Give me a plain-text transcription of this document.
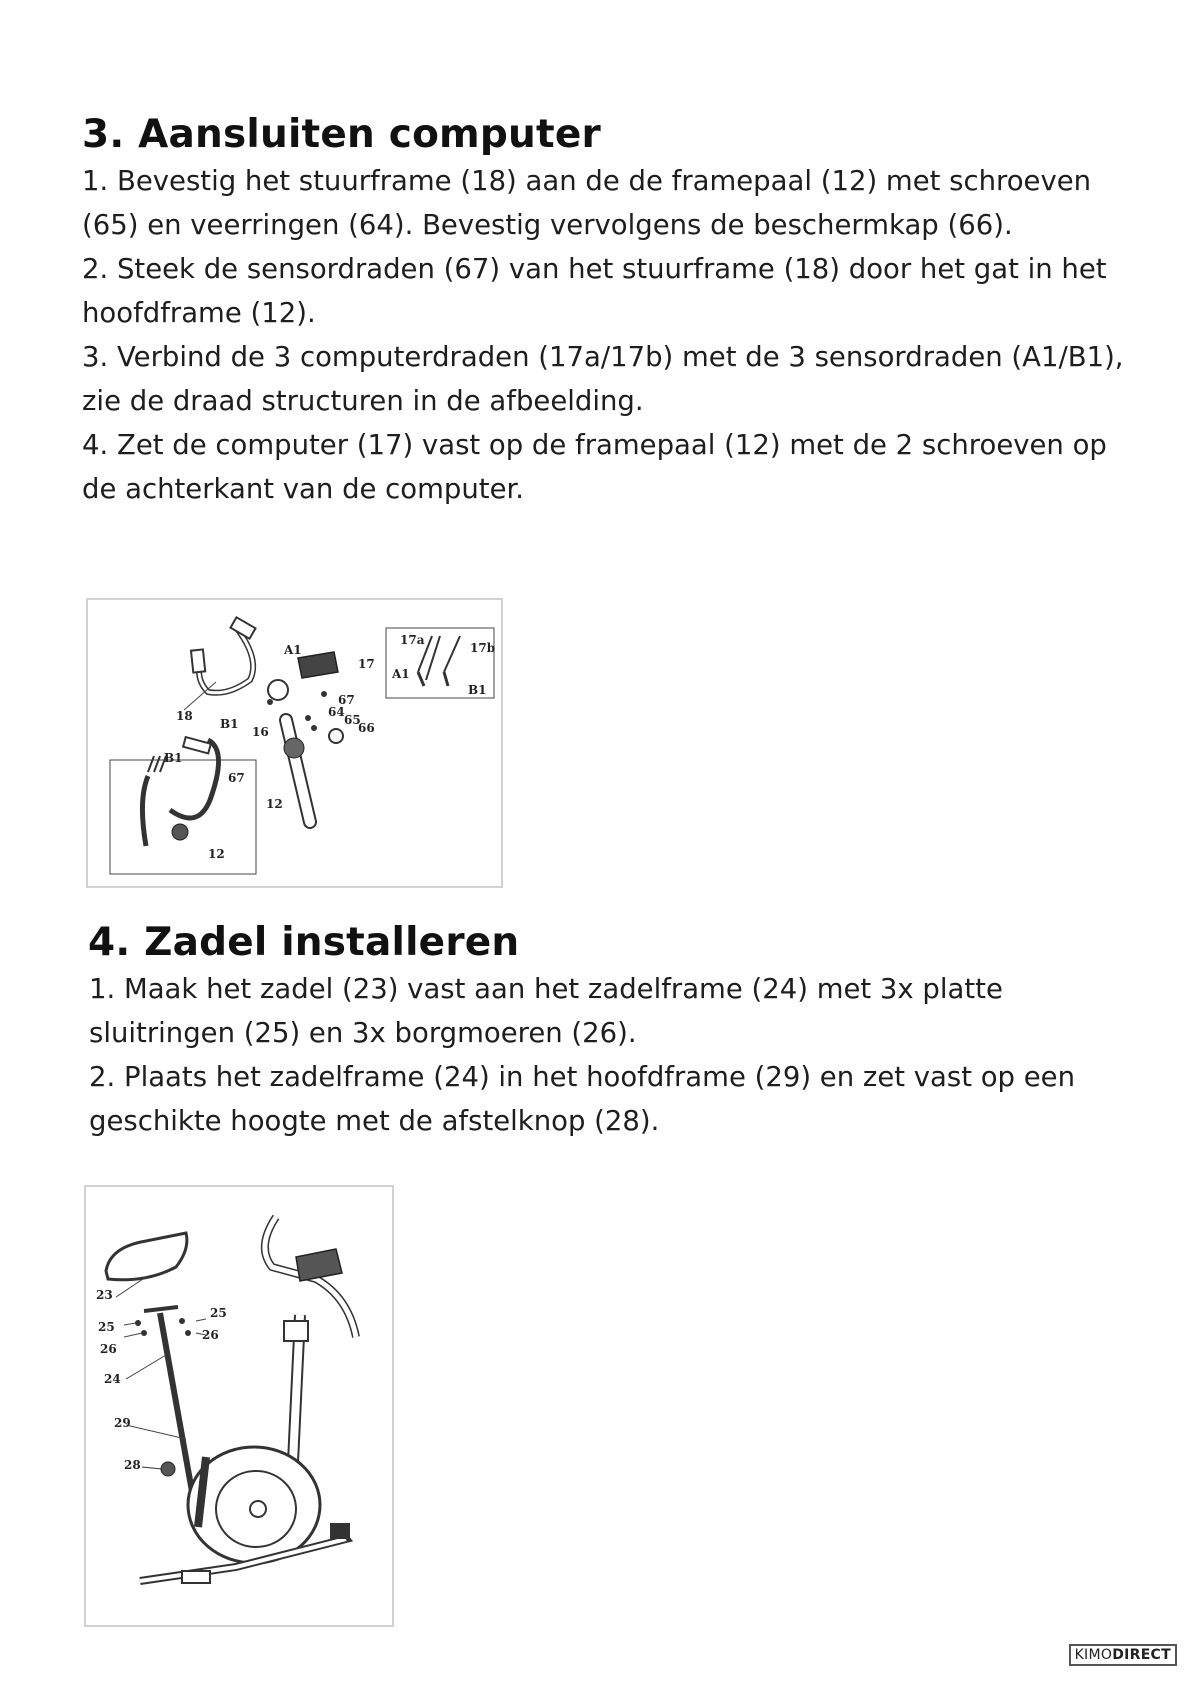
3. Aansluiten computer

1. Bevestig het stuurframe (18) aan de de framepaal (12) met schroeven (65) en veerringen (64). Bevestig vervolgens de beschermkap (66).

2. Steek de sensordraden (67) van het stuurframe (18) door het gat in het hoofdframe (12).

3. Verbind de 3 computerdraden (17a/17b) met de 3 sensordraden (A1/B1), zie de draad structuren in de afbeelding.

4. Zet de computer (17) vast op de framepaal (12) met de 2 schroeven op de achterkant van de computer.

A1
17
17a
17b
A1
B1
67
64
65
66
18
B1
16
B1
67
12
12
4. Zadel installeren

1. Maak het zadel (23) vast aan het zadelframe (24) met 3x platte sluitringen (25) en 3x borgmoeren (26).

2. Plaats het zadelframe (24) in het hoofdframe (29) en zet vast op een geschikte hoogte met de afstelknop (28).

23
25
25
26
26
24
29
28
KIMODIRECT
